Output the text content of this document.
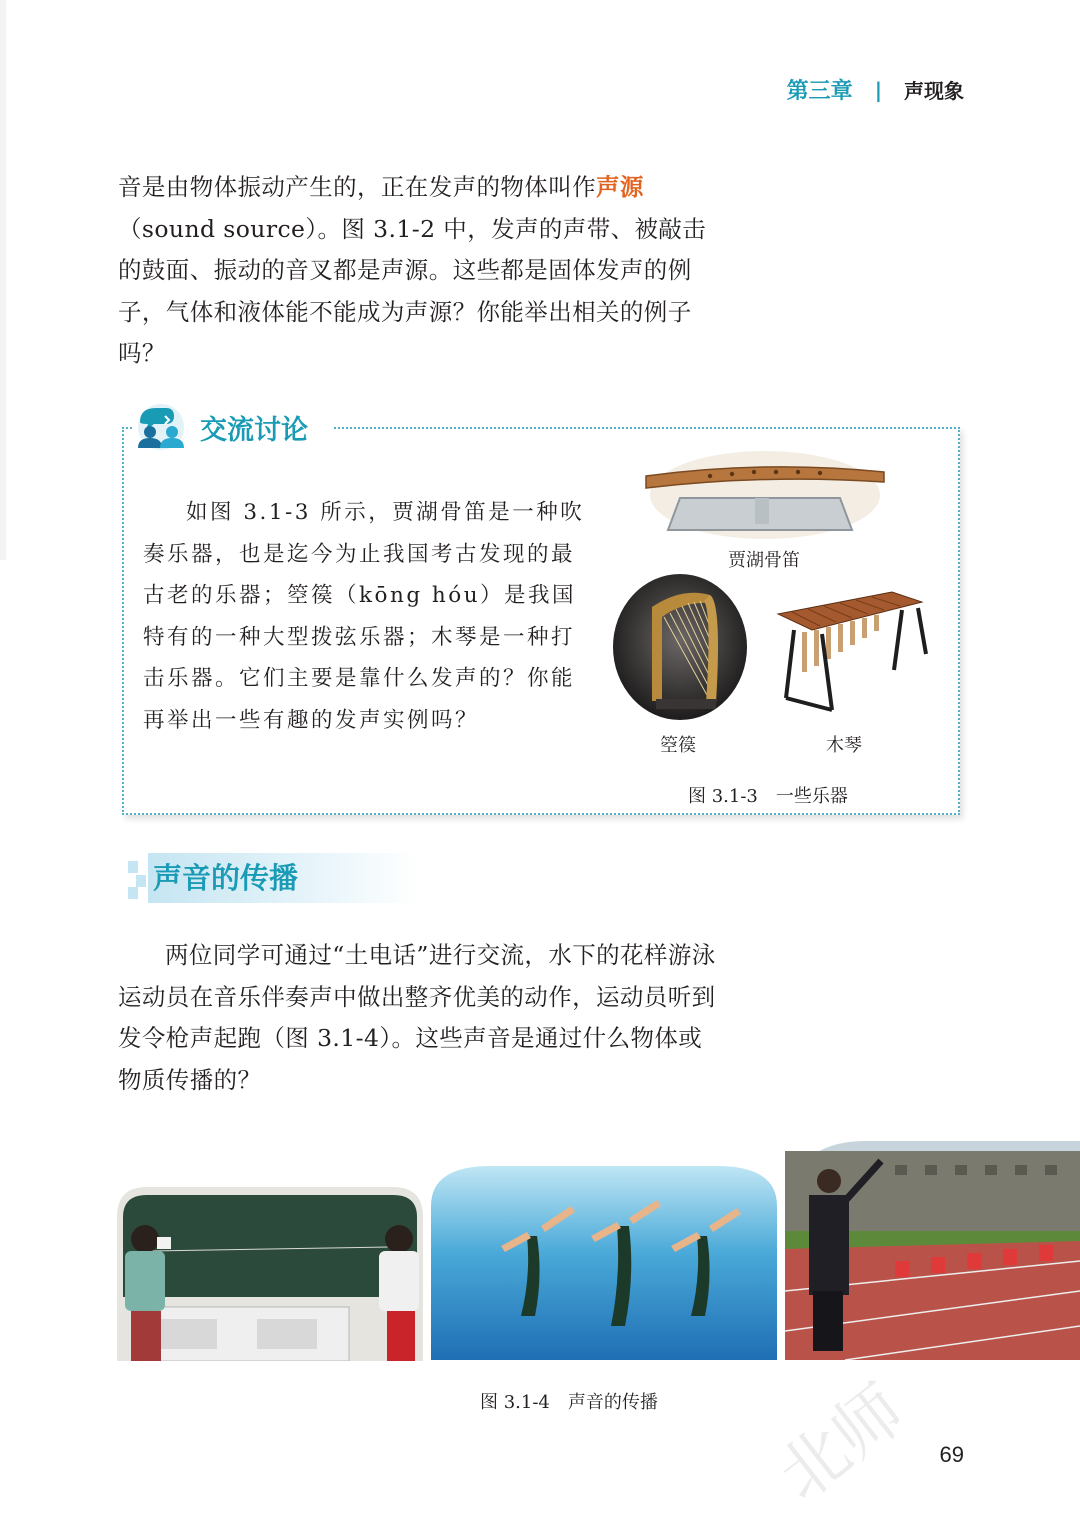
第三章 | 声现象

音是由物体振动产生的，正在发声的物体叫作声源（sound source）。图 3.1-2 中，发声的声带、被敲击的鼓面、振动的音叉都是声源。这些都是固体发声的例子，气体和液体能不能成为声源？你能举出相关的例子吗？

交流讨论

如图 3.1-3 所示，贾湖骨笛是一种吹奏乐器，也是迄今为止我国考古发现的最古老的乐器；箜篌（kōng hóu）是我国特有的一种大型拨弦乐器；木琴是一种打击乐器。它们主要是靠什么发声的？你能再举出一些有趣的发声实例吗？

贾湖骨笛
箜篌	木琴
图 3.1-3　一些乐器
声音的传播

两位同学可通过“土电话”进行交流，水下的花样游泳运动员在音乐伴奏声中做出整齐优美的动作，运动员听到发令枪声起跑（图 3.1-4）。这些声音是通过什么物体或物质传播的？

图 3.1-4　声音的传播 北师 69
